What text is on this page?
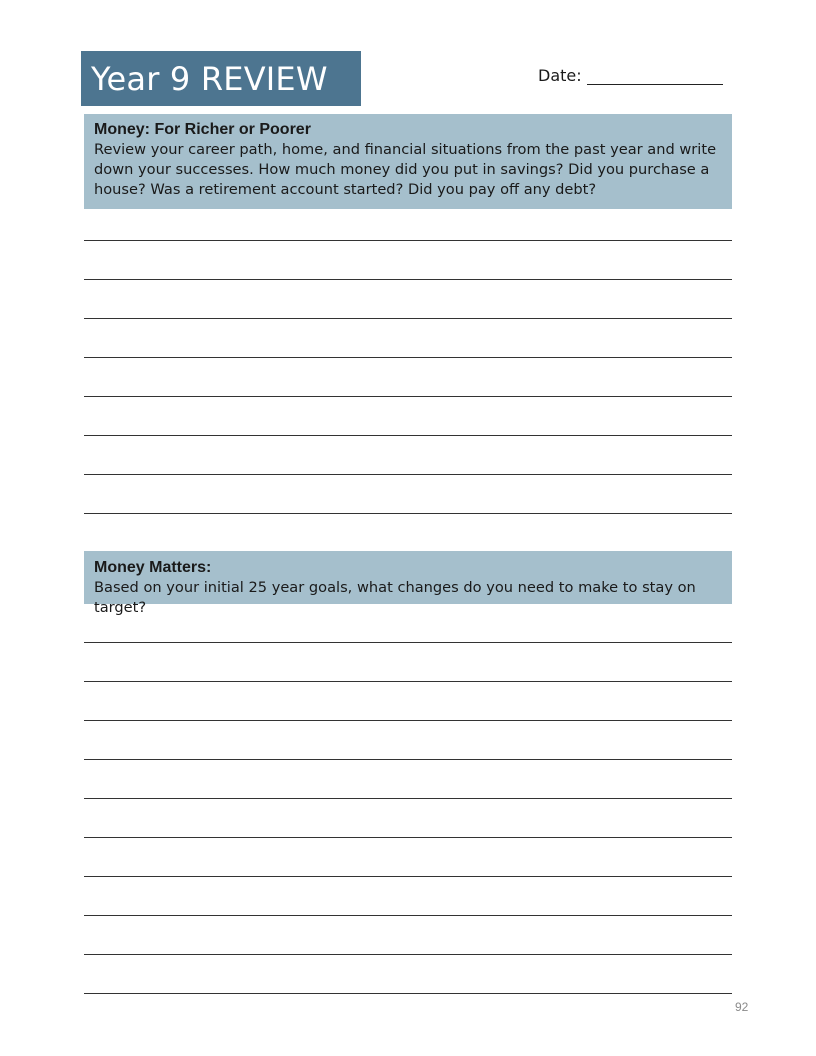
Year 9 REVIEW	Date:

Money: For Richer or Poorer

Review your career path, home, and financial situations from the past year and write

down your successes. How much money did you put in savings? Did you purchase a

house? Was a retirement account started? Did you pay off any debt?

Money Matters:

Based on your initial 25 year goals, what changes do you need to make to stay on target?

92
